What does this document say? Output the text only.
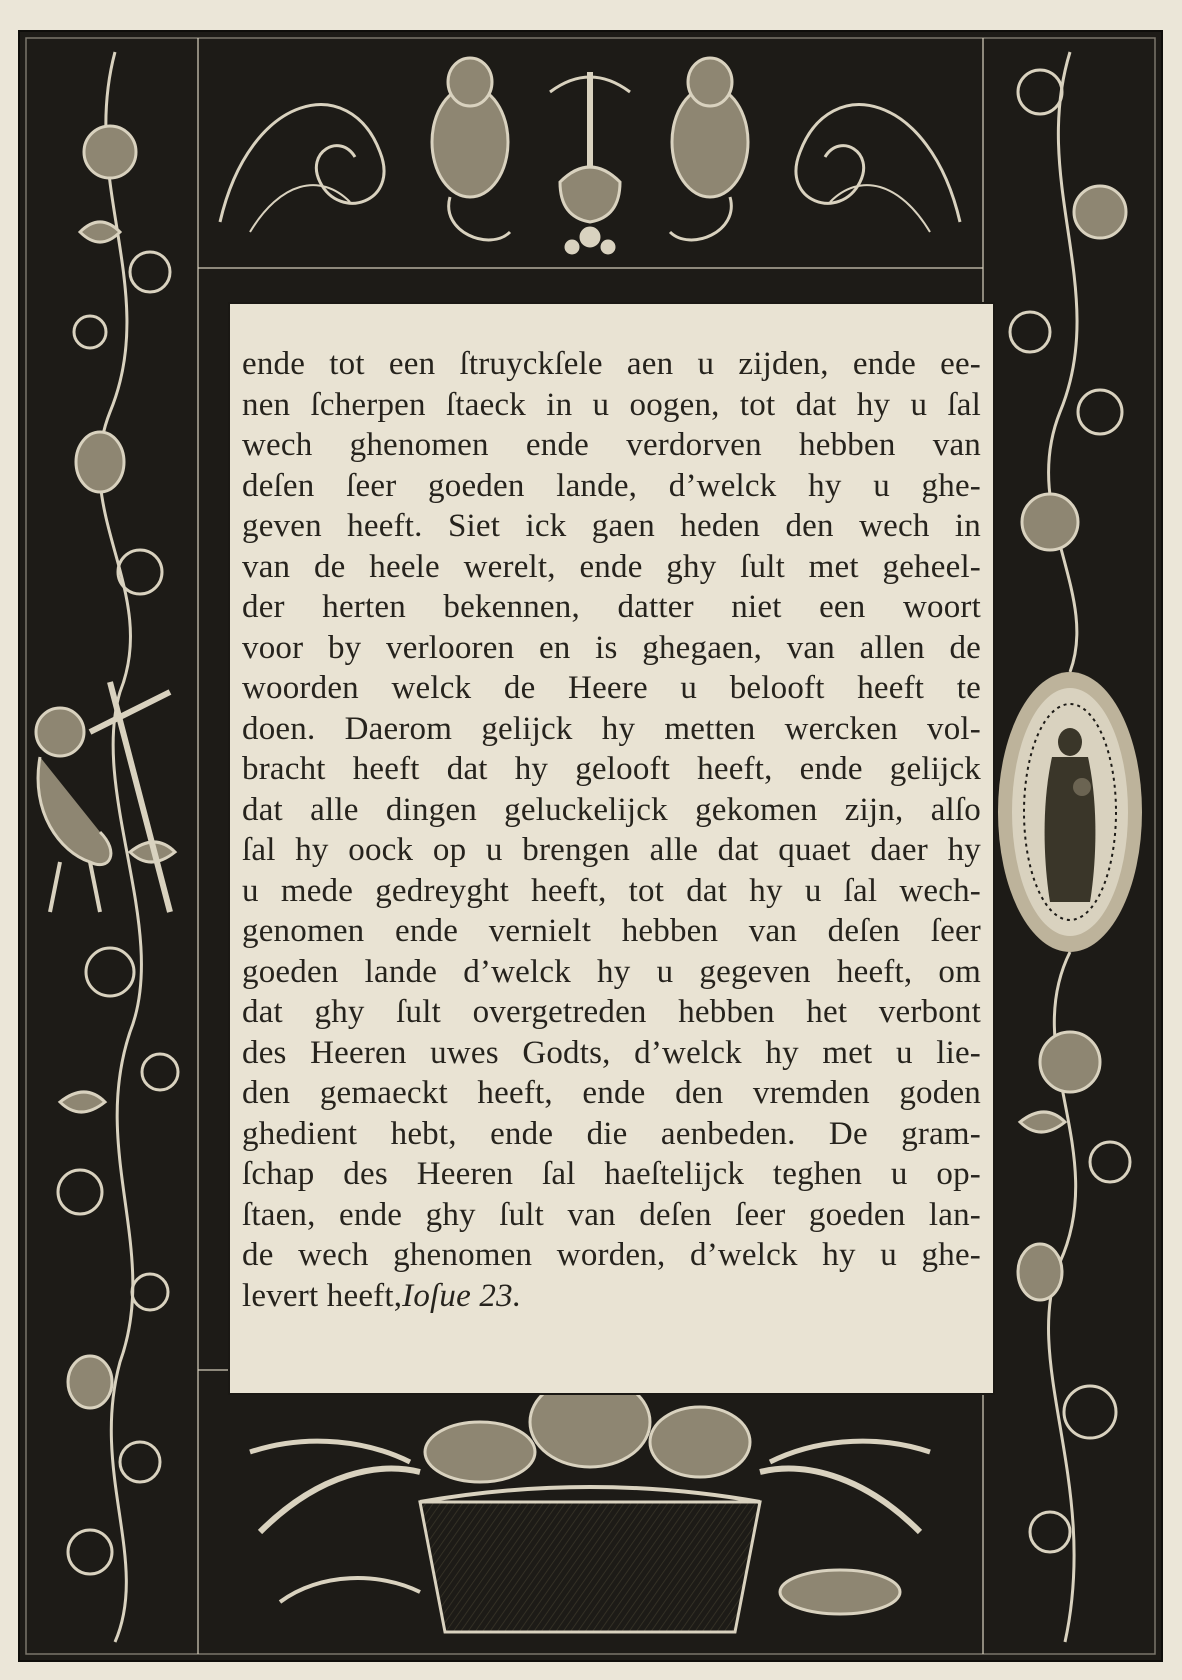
ende tot een ſtruyckſele aen u zijden, ende ee-
nen ſcherpen ſtaeck in u oogen, tot dat hy u ſal
wech ghenomen ende verdorven hebben van
deſen ſeer goeden lande, d’welck hy u ghe-
geven heeft. Siet ick gaen heden den wech in
van de heele werelt, ende ghy ſult met geheel-
der herten bekennen, datter niet een woort
voor by verlooren en is ghegaen, van allen de
woorden welck de Heere u belooft heeft te
doen. Daerom gelijck hy metten wercken vol-
bracht heeft dat hy gelooft heeft, ende gelijck
dat alle dingen geluckelijck gekomen zijn, alſo
ſal hy oock op u brengen alle dat quaet daer hy
u mede gedreyght heeft, tot dat hy u ſal wech-
genomen ende vernielt hebben van deſen ſeer
goeden lande d’welck hy u gegeven heeft, om
dat ghy ſult overgetreden hebben het verbont
des Heeren uwes Godts, d’welck hy met u lie-
den gemaeckt heeft, ende den vremden goden
ghedient hebt, ende die aenbeden. De gram-
ſchap des Heeren ſal haeſtelijck teghen u op-
ſtaen, ende ghy ſult van deſen ſeer goeden lan-
de wech ghenomen worden, d’welck hy u ghe-
levert heeft,Ioſue 23.
